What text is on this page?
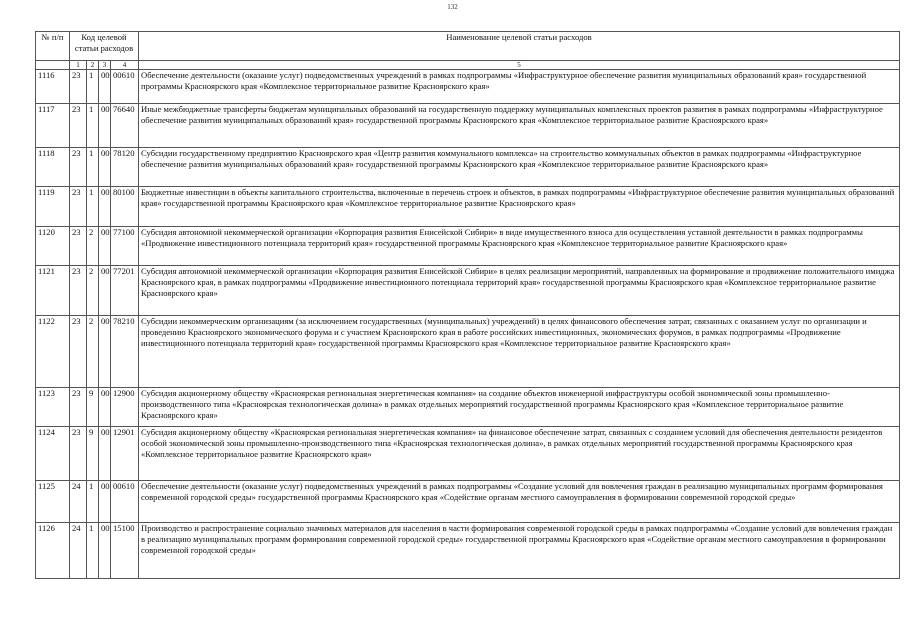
132
№ п/п	Код целевой статьи расходов				Наименование целевой статьи расходов
	1	2	3	4	5
1116	23	1	00	00610	Обеспечение деятельности (оказание услуг) подведомственных учреждений в рамках подпрограммы «Инфраструктурное обеспечение развития муниципальных образований края» государственной программы Красноярского края «Комплексное территориальное развитие Красноярского края»
1117	23	1	00	76640	Иные межбюджетные трансферты бюджетам муниципальных образований на государственную поддержку муниципальных комплексных проектов развития в рамках подпрограммы «Инфраструктурное обеспечение развития муниципальных образований края» государственной программы Красноярского края «Комплексное территориальное развитие Красноярского края»
1118	23	1	00	78120	Субсидии государственному предприятию Красноярского края «Центр развития коммунального комплекса» на строительство коммунальных объектов в рамках подпрограммы «Инфраструктурное обеспечение развития муниципальных образований края» государственной программы Красноярского края «Комплексное территориальное развитие Красноярского края»
1119	23	1	00	80100	Бюджетные инвестиции в объекты капитального строительства, включенные в перечень строек и объектов, в рамках подпрограммы «Инфраструктурное обеспечение развития муниципальных образований края» государственной программы Красноярского края «Комплексное территориальное развитие Красноярского края»
1120	23	2	00	77100	Субсидия автономной некоммерческой организации «Корпорация развития Енисейской Сибири» в виде имущественного взноса для осуществления уставной деятельности в рамках подпрограммы «Продвижение инвестиционного потенциала территорий края» государственной программы Красноярского края «Комплексное территориальное развитие Красноярского края»
1121	23	2	00	77201	Субсидия автономной некоммерческой организации «Корпорация развития Енисейской Сибири» в целях реализации мероприятий, направленных на формирование и продвижение положительного имиджа Красноярского края, в рамках подпрограммы «Продвижение инвестиционного потенциала территорий края» государственной программы Красноярского края «Комплексное территориальное развитие Красноярского края»
1122	23	2	00	78210	Субсидии некоммерческим организациям (за исключением государственных (муниципальных) учреждений) в целях финансового обеспечения затрат, связанных с оказанием услуг по организации и проведению Красноярского экономического форума и с участием Красноярского края в работе российских инвестиционных, экономических форумов, в рамках подпрограммы «Продвижение инвестиционного потенциала территорий края» государственной программы Красноярского края «Комплексное территориальное развитие Красноярского края»
1123	23	9	00	12900	Субсидия акционерному обществу «Красноярская региональная энергетическая компания» на создание объектов инженерной инфраструктуры особой экономической зоны промышленно-производственного типа «Красноярская технологическая долина» в рамках отдельных мероприятий государственной программы Красноярского края «Комплексное территориальное развитие Красноярского края»
1124	23	9	00	12901	Субсидия акционерному обществу «Красноярская региональная энергетическая компания» на финансовое обеспечение затрат, связанных с созданием условий для обеспечения деятельности резидентов особой экономической зоны промышленно-производственного типа «Красноярская технологическая долина», в рамках отдельных мероприятий государственной программы Красноярского края «Комплексное территориальное развитие Красноярского края»
1125	24	1	00	00610	Обеспечение деятельности (оказание услуг) подведомственных учреждений в рамках подпрограммы «Создание условий для вовлечения граждан в реализацию муниципальных программ формирования современной городской среды» государственной программы Красноярского края «Содействие органам местного самоуправления в формировании современной городской среды»
1126	24	1	00	15100	Производство и распространение социально значимых материалов для населения в части формирования современной городской среды в рамках подпрограммы «Создание условий для вовлечения граждан в реализацию муниципальных программ формирования современной городской среды» государственной программы Красноярского края «Содействие органам местного самоуправления в формировании современной городской среды»
